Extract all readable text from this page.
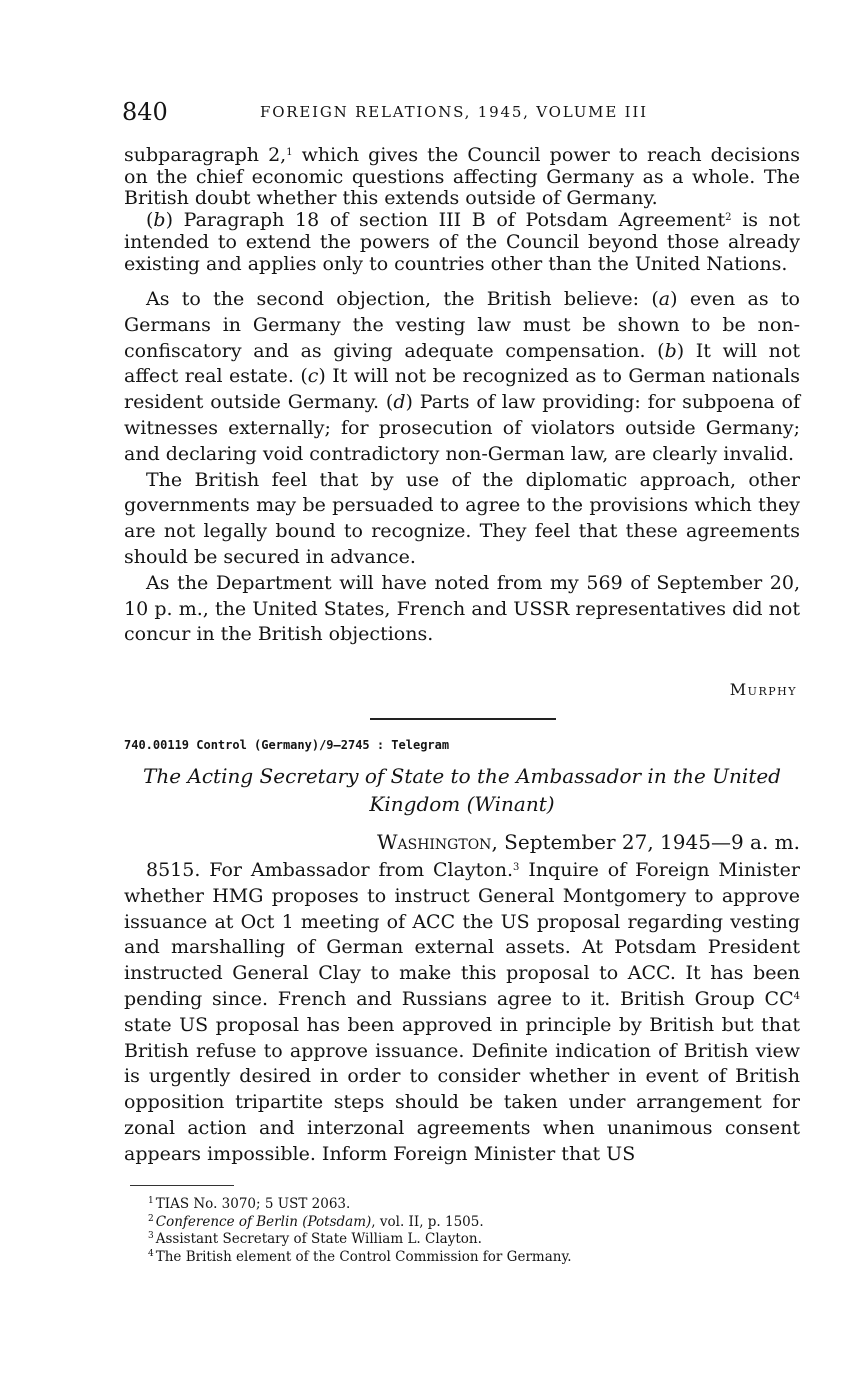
840	FOREIGN RELATIONS, 1945, VOLUME III

subparagraph 2,$^1$ which gives the Council power to reach decisions on the chief economic questions affecting Germany as a whole. The British doubt whether this extends outside of Germany.

(b) Paragraph 18 of section III B of Potsdam Agreement$^2$ is not intended to extend the powers of the Council beyond those already existing and applies only to countries other than the United Nations.

As to the second objection, the British believe: (a) even as to Germans in Germany the vesting law must be shown to be non-confiscatory and as giving adequate compensation. (b) It will not affect real estate. (c) It will not be recognized as to German nationals resident outside Germany. (d) Parts of law providing: for subpoena of witnesses externally; for prosecution of violators outside Germany; and declaring void contradictory non-German law, are clearly invalid.

The British feel that by use of the diplomatic approach, other governments may be persuaded to agree to the provisions which they are not legally bound to recognize. They feel that these agreements should be secured in advance.

As the Department will have noted from my 569 of September 20, 10 p. m., the United States, French and USSR representatives did not concur in the British objections.

Murphy
740.00119 Control (Germany)/9–2745 : Telegram
The Acting Secretary of State to the Ambassador in the United Kingdom (Winant)
Washington, September 27, 1945—9 a. m.

8515. For Ambassador from Clayton.$^3$ Inquire of Foreign Minister whether HMG proposes to instruct General Montgomery to approve issuance at Oct 1 meeting of ACC the US proposal regarding vesting and marshalling of German external assets. At Potsdam President instructed General Clay to make this proposal to ACC. It has been pending since. French and Russians agree to it. British Group $CC^4$ state US proposal has been approved in principle by British but that British refuse to approve issuance. Definite indication of British view is urgently desired in order to consider whether in event of British opposition tripartite steps should be taken under arrangement for zonal action and interzonal agreements when unanimous consent appears impossible. Inform Foreign Minister that US

$^1$ TIAS No. 3070; 5 UST 2063.
$^2$ Conference of Berlin (Potsdam), vol. II, p. 1505.
$^3$ Assistant Secretary of State William L. Clayton.
$^4$ The British element of the Control Commission for Germany.
